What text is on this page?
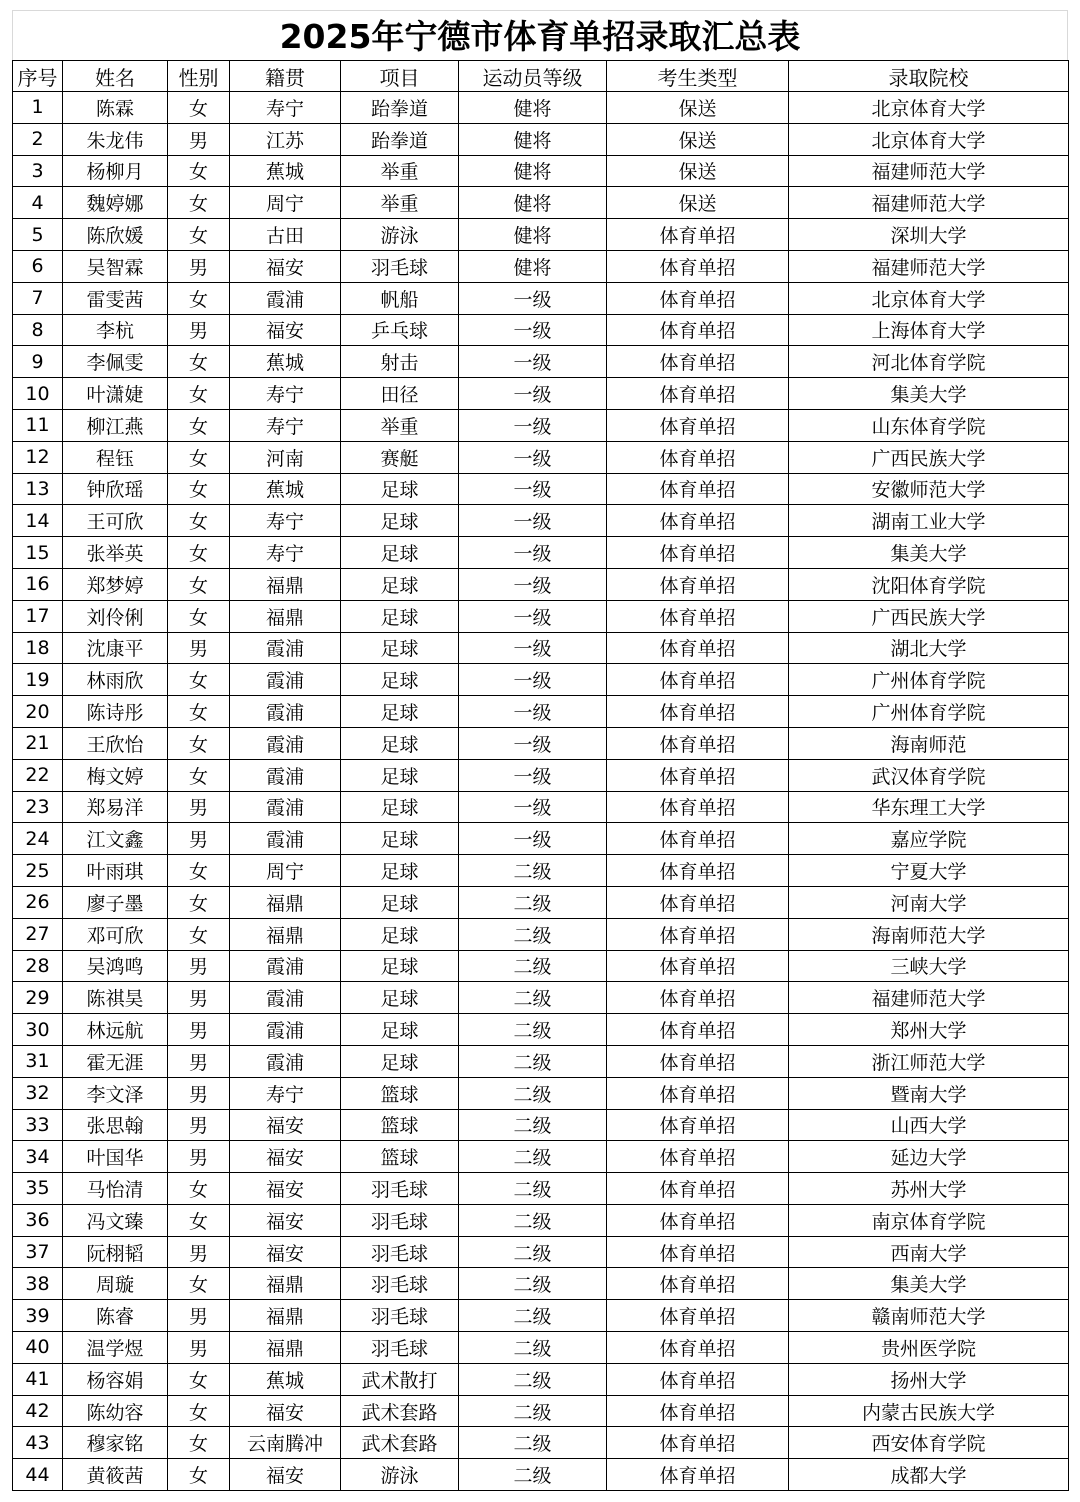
2025年宁德市体育单招录取汇总表
序号	姓名	性别	籍贯	项目	运动员等级	考生类型	录取院校
1	陈霖	女	寿宁	跆拳道	健将	保送	北京体育大学
2	朱龙伟	男	江苏	跆拳道	健将	保送	北京体育大学
3	杨柳月	女	蕉城	举重	健将	保送	福建师范大学
4	魏婷娜	女	周宁	举重	健将	保送	福建师范大学
5	陈欣媛	女	古田	游泳	健将	体育单招	深圳大学
6	吴智霖	男	福安	羽毛球	健将	体育单招	福建师范大学
7	雷雯茜	女	霞浦	帆船	一级	体育单招	北京体育大学
8	李杭	男	福安	乒乓球	一级	体育单招	上海体育大学
9	李佩雯	女	蕉城	射击	一级	体育单招	河北体育学院
10	叶潇婕	女	寿宁	田径	一级	体育单招	集美大学
11	柳江燕	女	寿宁	举重	一级	体育单招	山东体育学院
12	程钰	女	河南	赛艇	一级	体育单招	广西民族大学
13	钟欣瑶	女	蕉城	足球	一级	体育单招	安徽师范大学
14	王可欣	女	寿宁	足球	一级	体育单招	湖南工业大学
15	张举英	女	寿宁	足球	一级	体育单招	集美大学
16	郑梦婷	女	福鼎	足球	一级	体育单招	沈阳体育学院
17	刘伶俐	女	福鼎	足球	一级	体育单招	广西民族大学
18	沈康平	男	霞浦	足球	一级	体育单招	湖北大学
19	林雨欣	女	霞浦	足球	一级	体育单招	广州体育学院
20	陈诗彤	女	霞浦	足球	一级	体育单招	广州体育学院
21	王欣怡	女	霞浦	足球	一级	体育单招	海南师范
22	梅文婷	女	霞浦	足球	一级	体育单招	武汉体育学院
23	郑易洋	男	霞浦	足球	一级	体育单招	华东理工大学
24	江文鑫	男	霞浦	足球	一级	体育单招	嘉应学院
25	叶雨琪	女	周宁	足球	二级	体育单招	宁夏大学
26	廖子墨	女	福鼎	足球	二级	体育单招	河南大学
27	邓可欣	女	福鼎	足球	二级	体育单招	海南师范大学
28	吴鸿鸣	男	霞浦	足球	二级	体育单招	三峡大学
29	陈祺昊	男	霞浦	足球	二级	体育单招	福建师范大学
30	林远航	男	霞浦	足球	二级	体育单招	郑州大学
31	霍无涯	男	霞浦	足球	二级	体育单招	浙江师范大学
32	李文泽	男	寿宁	篮球	二级	体育单招	暨南大学
33	张思翰	男	福安	篮球	二级	体育单招	山西大学
34	叶国华	男	福安	篮球	二级	体育单招	延边大学
35	马怡清	女	福安	羽毛球	二级	体育单招	苏州大学
36	冯文臻	女	福安	羽毛球	二级	体育单招	南京体育学院
37	阮栩韬	男	福安	羽毛球	二级	体育单招	西南大学
38	周璇	女	福鼎	羽毛球	二级	体育单招	集美大学
39	陈睿	男	福鼎	羽毛球	二级	体育单招	赣南师范大学
40	温学煜	男	福鼎	羽毛球	二级	体育单招	贵州医学院
41	杨容娟	女	蕉城	武术散打	二级	体育单招	扬州大学
42	陈幼容	女	福安	武术套路	二级	体育单招	内蒙古民族大学
43	穆家铭	女	云南腾冲	武术套路	二级	体育单招	西安体育学院
44	黄筱茜	女	福安	游泳	二级	体育单招	成都大学
